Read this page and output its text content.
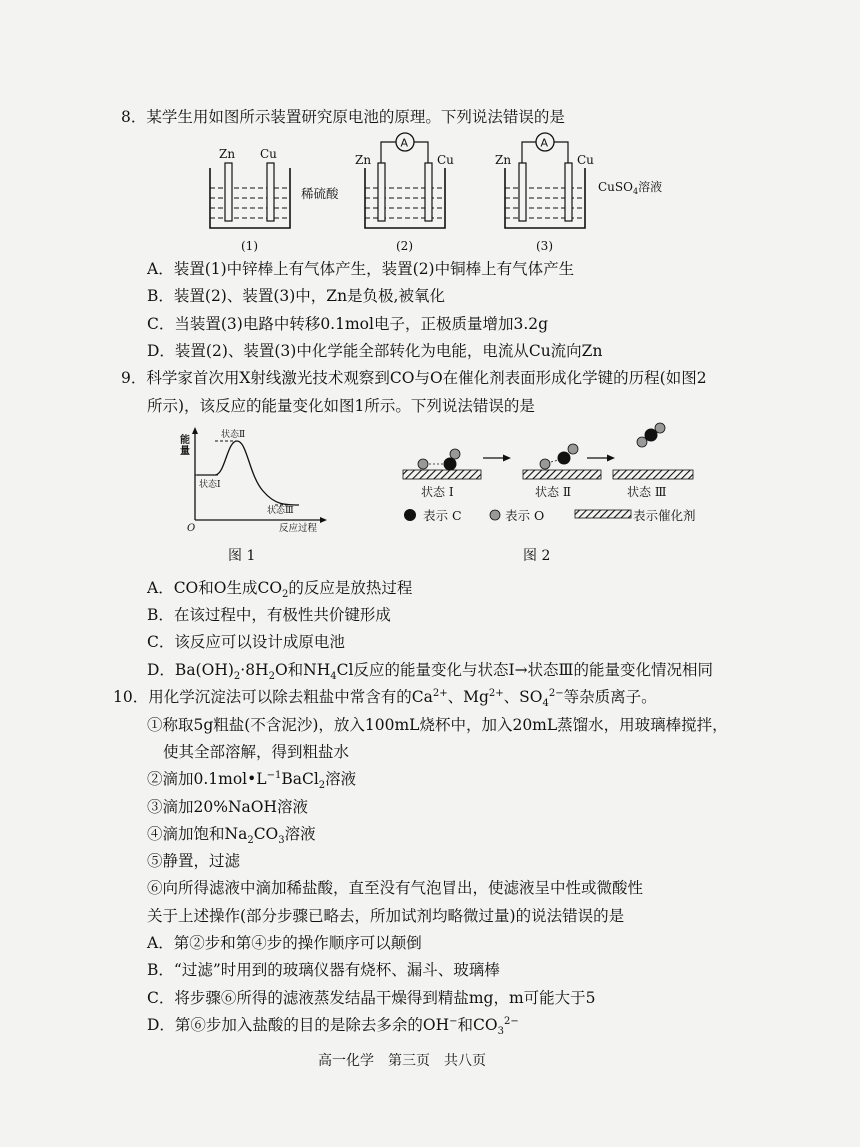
8．某学生用如图所示装置研究原电池的原理。下列说法错误的是
Zn Cu
(1)
稀硫酸
A
Zn	Cu
(2)
A
Zn	Cu
CuSO$_4$溶液
(3)
A．装置(1)中锌棒上有气体产生，装置(2)中铜棒上有气体产生
B．装置(2)、装置(3)中，Zn是负极,被氧化
C．当装置(3)电路中转移0.1mol电子，正极质量增加3.2g
D．装置(2)、装置(3)中化学能全部转化为电能，电流从Cu流向Zn
9．科学家首次用X射线激光技术观察到CO与O在催化剂表面形成化学键的历程(如图2
所示)，该反应的能量变化如图1所示。下列说法错误的是
能
量
状态Ⅱ
状态Ⅰ
状态Ⅲ
O	反应过程
状态 Ⅰ	状态 Ⅱ	状态 Ⅲ
表示 C	表示 O	表示催化剂
图 1	图 2
A．CO和O生成$CO_2$的反应是放热过程
B．在该过程中，有极性共价键形成
C．该反应可以设计成原电池
D．$Ba(OH)_2\cdot 8H_2O$和$NH_4Cl$反应的能量变化与状态Ⅰ→状态Ⅲ的能量变化情况相同
10．用化学沉淀法可以除去粗盐中常含有的$Ca^{2+}$、$Mg^{2+}$、$SO_4^{2-}$等杂质离子。
①称取5g粗盐(不含泥沙)，放入100mL烧杯中，加入20mL蒸馏水，用玻璃棒搅拌，
使其全部溶解，得到粗盐水
②滴加$0.1mol•L^{-1}BaCl_2$溶液
③滴加20%NaOH溶液
④滴加饱和$Na_2CO_3$溶液
⑤静置，过滤
⑥向所得滤液中滴加稀盐酸，直至没有气泡冒出，使滤液呈中性或微酸性
关于上述操作(部分步骤已略去，所加试剂均略微过量)的说法错误的是
A．第②步和第④步的操作顺序可以颠倒
B．“过滤”时用到的玻璃仪器有烧杯、漏斗、玻璃棒
C．将步骤⑥所得的滤液蒸发结晶干燥得到精盐mg，m可能大于5
D．第⑥步加入盐酸的目的是除去多余的OH−和$CO_3^{2-}$
高一化学　第三页　共八页
